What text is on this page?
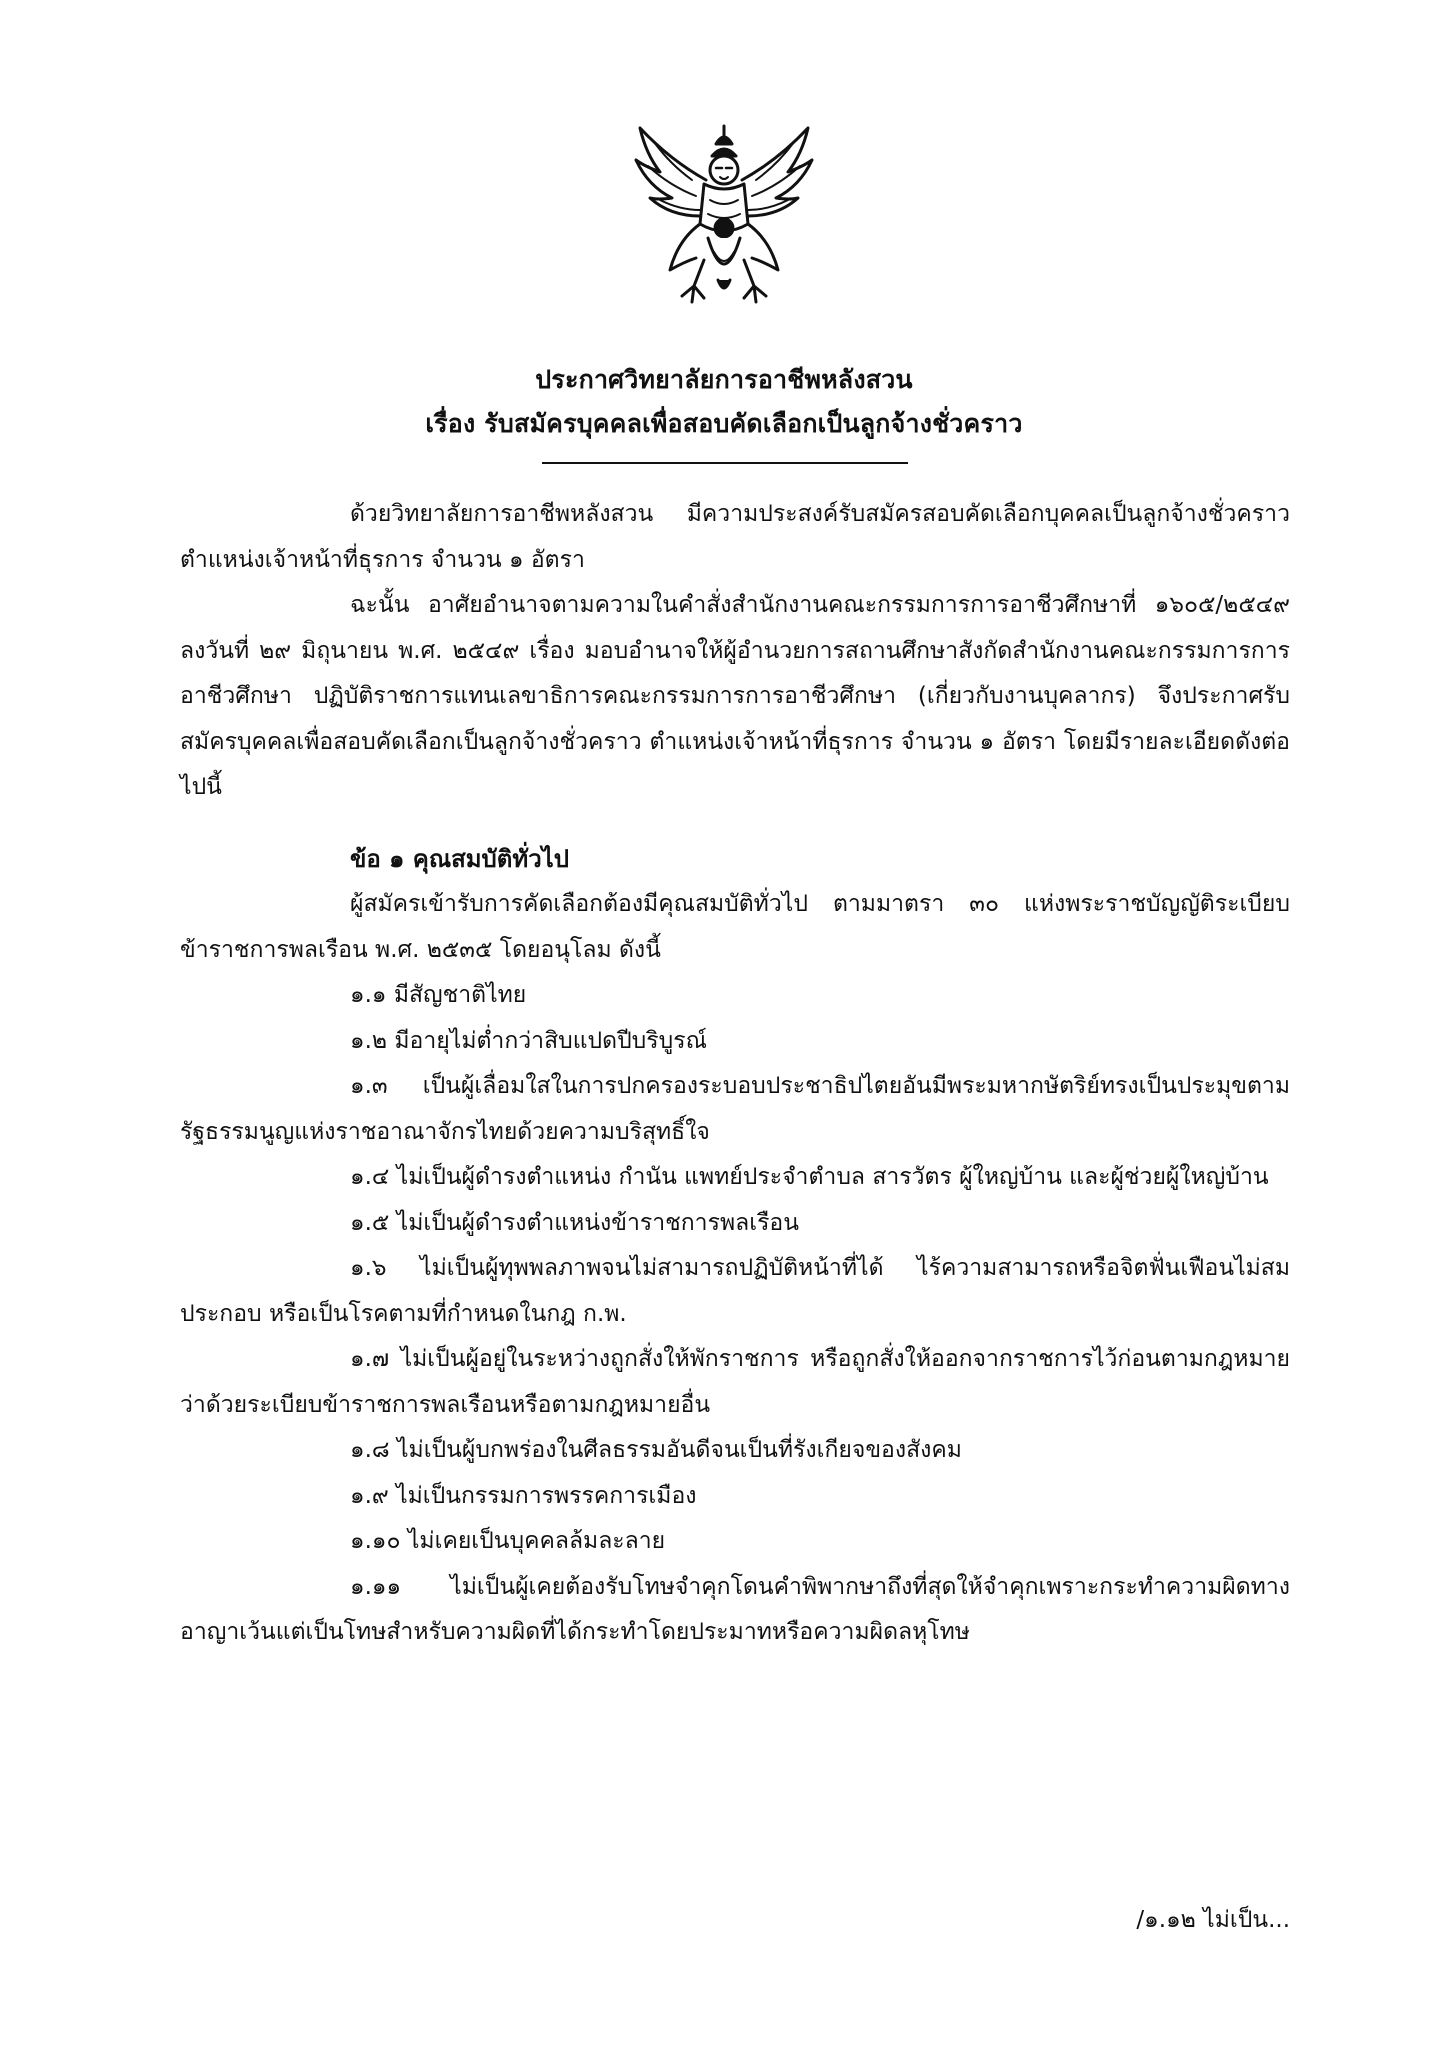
ประกาศวิทยาลัยการอาชีพหลังสวน
เรื่อง รับสมัครบุคคลเพื่อสอบคัดเลือกเป็นลูกจ้างชั่วคราว

ด้วยวิทยาลัยการอาชีพหลังสวน มีความประสงค์รับสมัครสอบคัดเลือกบุคคลเป็นลูกจ้างชั่วคราว ตำแหน่งเจ้าหน้าที่ธุรการ จำนวน ๑ อัตรา

ฉะนั้น อาศัยอำนาจตามความในคำสั่งสำนักงานคณะกรรมการการอาชีวศึกษาที่ ๑๖๐๕/๒๕๔๙ ลงวันที่ ๒๙ มิถุนายน พ.ศ. ๒๕๔๙ เรื่อง มอบอำนาจให้ผู้อำนวยการสถานศึกษาสังกัดสำนักงานคณะกรรมการการอาชีวศึกษา ปฏิบัติราชการแทนเลขาธิการคณะกรรมการการอาชีวศึกษา (เกี่ยวกับงานบุคลากร) จึงประกาศรับสมัครบุคคลเพื่อสอบคัดเลือกเป็นลูกจ้างชั่วคราว ตำแหน่งเจ้าหน้าที่ธุรการ จำนวน ๑ อัตรา โดยมีรายละเอียดดังต่อไปนี้

ข้อ ๑ คุณสมบัติทั่วไป

ผู้สมัครเข้ารับการคัดเลือกต้องมีคุณสมบัติทั่วไป ตามมาตรา ๓๐ แห่งพระราชบัญญัติระเบียบ ข้าราชการพลเรือน พ.ศ. ๒๕๓๕ โดยอนุโลม ดังนี้

๑.๑ มีสัญชาติไทย

๑.๒ มีอายุไม่ต่ำกว่าสิบแปดปีบริบูรณ์

๑.๓ เป็นผู้เลื่อมใสในการปกครองระบอบประชาธิปไตยอันมีพระมหากษัตริย์ทรงเป็นประมุขตามรัฐธรรมนูญแห่งราชอาณาจักรไทยด้วยความบริสุทธิ์ใจ

๑.๔ ไม่เป็นผู้ดำรงตำแหน่ง กำนัน แพทย์ประจำตำบล สารวัตร ผู้ใหญ่บ้าน และผู้ช่วยผู้ใหญ่บ้าน

๑.๕ ไม่เป็นผู้ดำรงตำแหน่งข้าราชการพลเรือน

๑.๖ ไม่เป็นผู้ทุพพลภาพจนไม่สามารถปฏิบัติหน้าที่ได้ ไร้ความสามารถหรือจิตฟั่นเฟือนไม่สมประกอบ หรือเป็นโรคตามที่กำหนดในกฎ ก.พ.

๑.๗ ไม่เป็นผู้อยู่ในระหว่างถูกสั่งให้พักราชการ หรือถูกสั่งให้ออกจากราชการไว้ก่อนตามกฎหมายว่าด้วยระเบียบข้าราชการพลเรือนหรือตามกฎหมายอื่น

๑.๘ ไม่เป็นผู้บกพร่องในศีลธรรมอันดีจนเป็นที่รังเกียจของสังคม

๑.๙ ไม่เป็นกรรมการพรรคการเมือง

๑.๑๐ ไม่เคยเป็นบุคคลล้มละลาย

๑.๑๑ ไม่เป็นผู้เคยต้องรับโทษจำคุกโดนคำพิพากษาถึงที่สุดให้จำคุกเพราะกระทำความผิดทางอาญาเว้นแต่เป็นโทษสำหรับความผิดที่ได้กระทำโดยประมาทหรือความผิดลหุโทษ

/๑.๑๒ ไม่เป็น...
